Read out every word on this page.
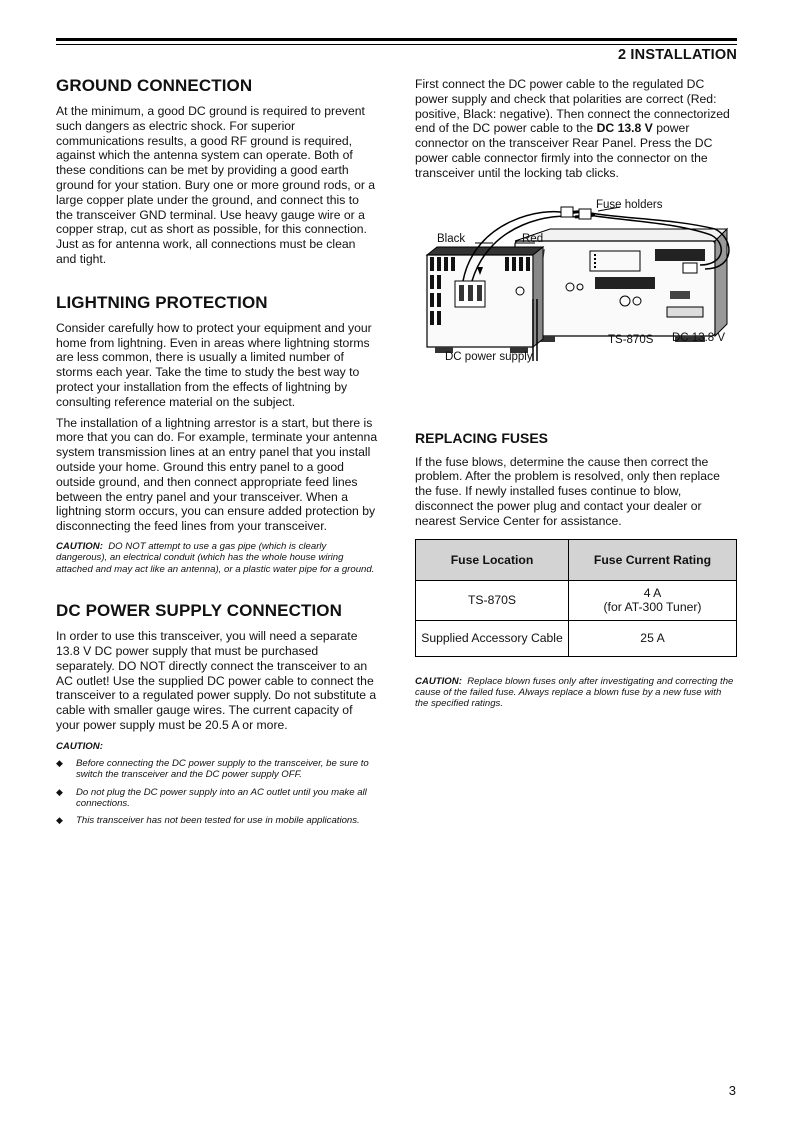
2 INSTALLATION
GROUND CONNECTION

At the minimum, a good DC ground is required to prevent such dangers as electric shock. For superior communications results, a good RF ground is required, against which the antenna system can operate. Both of these conditions can be met by providing a good earth ground for your station. Bury one or more ground rods, or a large copper plate under the ground, and connect this to the transceiver GND terminal. Use heavy gauge wire or a copper strap, cut as short as possible, for this connection. Just as for antenna work, all connections must be clean and tight.

LIGHTNING PROTECTION

Consider carefully how to protect your equipment and your home from lightning. Even in areas where lightning storms are less common, there is usually a limited number of storms each year. Take the time to study the best way to protect your installation from the effects of lightning by consulting reference material on the subject.

The installation of a lightning arrestor is a start, but there is more that you can do. For example, terminate your antenna system transmission lines at an entry panel that you install outside your home. Ground this entry panel to a good outside ground, and then connect appropriate feed lines between the entry panel and your transceiver. When a lightning storm occurs, you can ensure added protection by disconnecting the feed lines from your transceiver.

CAUTION: DO NOT attempt to use a gas pipe (which is clearly dangerous), an electrical conduit (which has the whole house wiring attached and may act like an antenna), or a plastic water pipe for a ground.

DC POWER SUPPLY CONNECTION

In order to use this transceiver, you will need a separate 13.8 V DC power supply that must be purchased separately. DO NOT directly connect the transceiver to an AC outlet! Use the supplied DC power cable to connect the transceiver to a regulated power supply. Do not substitute a cable with smaller gauge wires. The current capacity of your power supply must be 20.5 A or more.

CAUTION:

◆ Before connecting the DC power supply to the transceiver, be sure to switch the transceiver and the DC power supply OFF.
◆ Do not plug the DC power supply into an AC outlet until you make all connections.
◆ This transceiver has not been tested for use in mobile applications.

First connect the DC power cable to the regulated DC power supply and check that polarities are correct (Red: positive, Black: negative). Then connect the connectorized end of the DC power cable to the DC 13.8 V power connector on the transceiver Rear Panel. Press the DC power cable connector firmly into the connector on the transceiver until the locking tab clicks.

Fuse holders
Black	Red
TS-870S DC 13.8 V
DC power supply
REPLACING FUSES

If the fuse blows, determine the cause then correct the problem. After the problem is resolved, only then replace the fuse. If newly installed fuses continue to blow, disconnect the power plug and contact your dealer or nearest Service Center for assistance.

Fuse Location	Fuse Current Rating
TS-870S	4 A
(for AT-300 Tuner)

Supplied Accessory Cable	25 A

CAUTION: Replace blown fuses only after investigating and correcting the cause of the failed fuse. Always replace a blown fuse by a new fuse with the specified ratings.

3
